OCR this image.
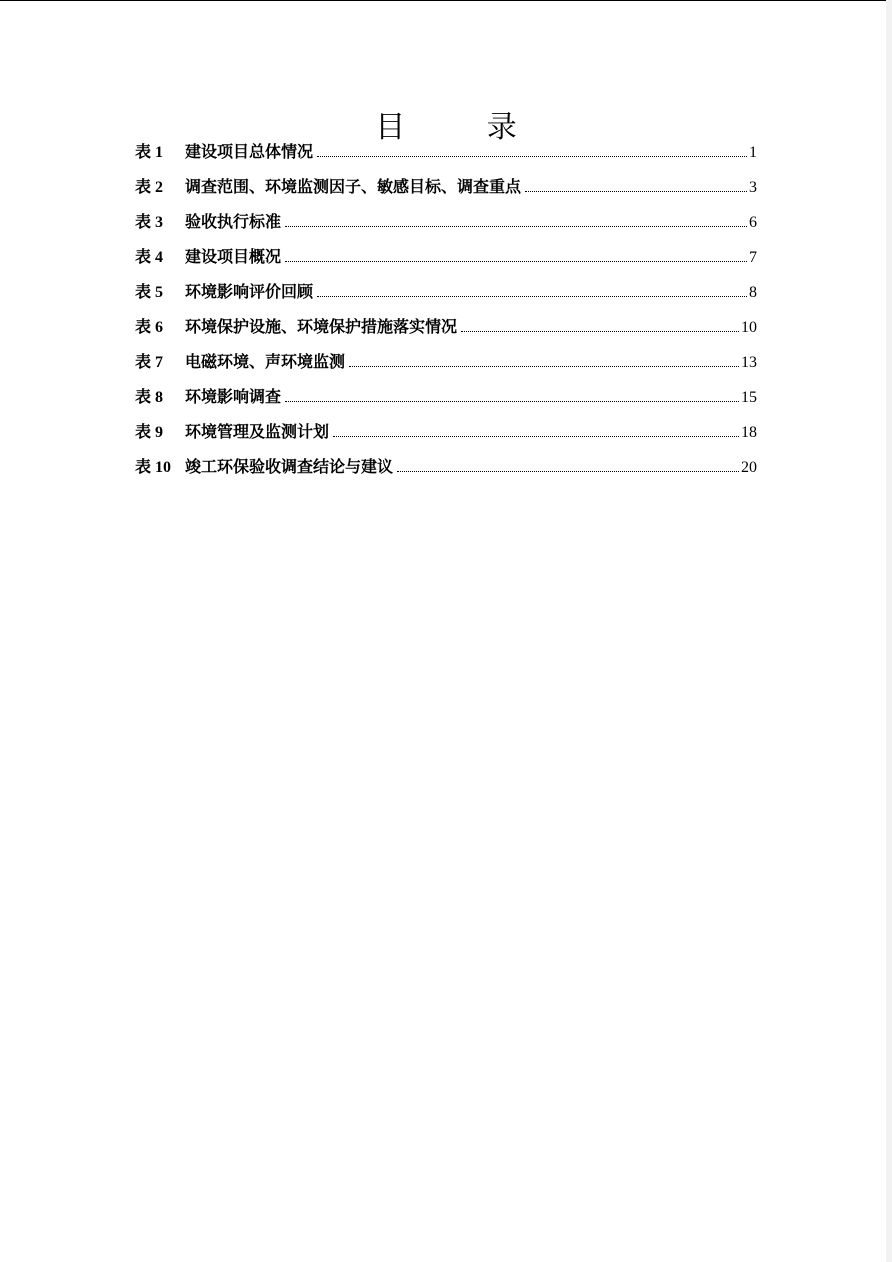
目 录
表 1	建设项目总体情况	1
表 2	调查范围、环境监测因子、敏感目标、调查重点	3
表 3	验收执行标准	6
表 4	建设项目概况	7
表 5	环境影响评价回顾	8
表 6	环境保护设施、环境保护措施落实情况	10
表 7	电磁环境、声环境监测	13
表 8	环境影响调查	15
表 9	环境管理及监测计划	18
表 10 竣工环保验收调查结论与建议	20
